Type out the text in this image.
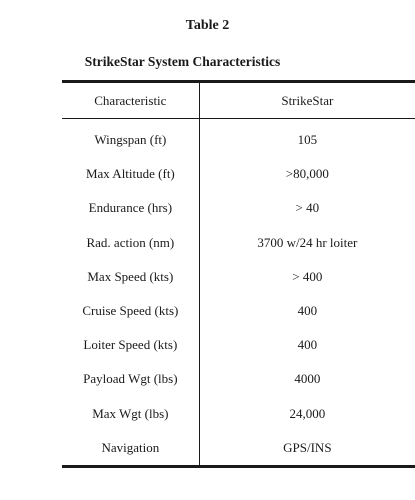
Table 2
StrikeStar System Characteristics
Characteristic	StrikeStar
Wingspan (ft)	105
Max Altitude (ft)	>80,000
Endurance (hrs)	> 40
Rad. action (nm)	3700 w/24 hr loiter
Max Speed (kts)	> 400
Cruise Speed (kts)	400
Loiter Speed (kts)	400
Payload Wgt (lbs)	4000
Max Wgt (lbs)	24,000
Navigation	GPS/INS
